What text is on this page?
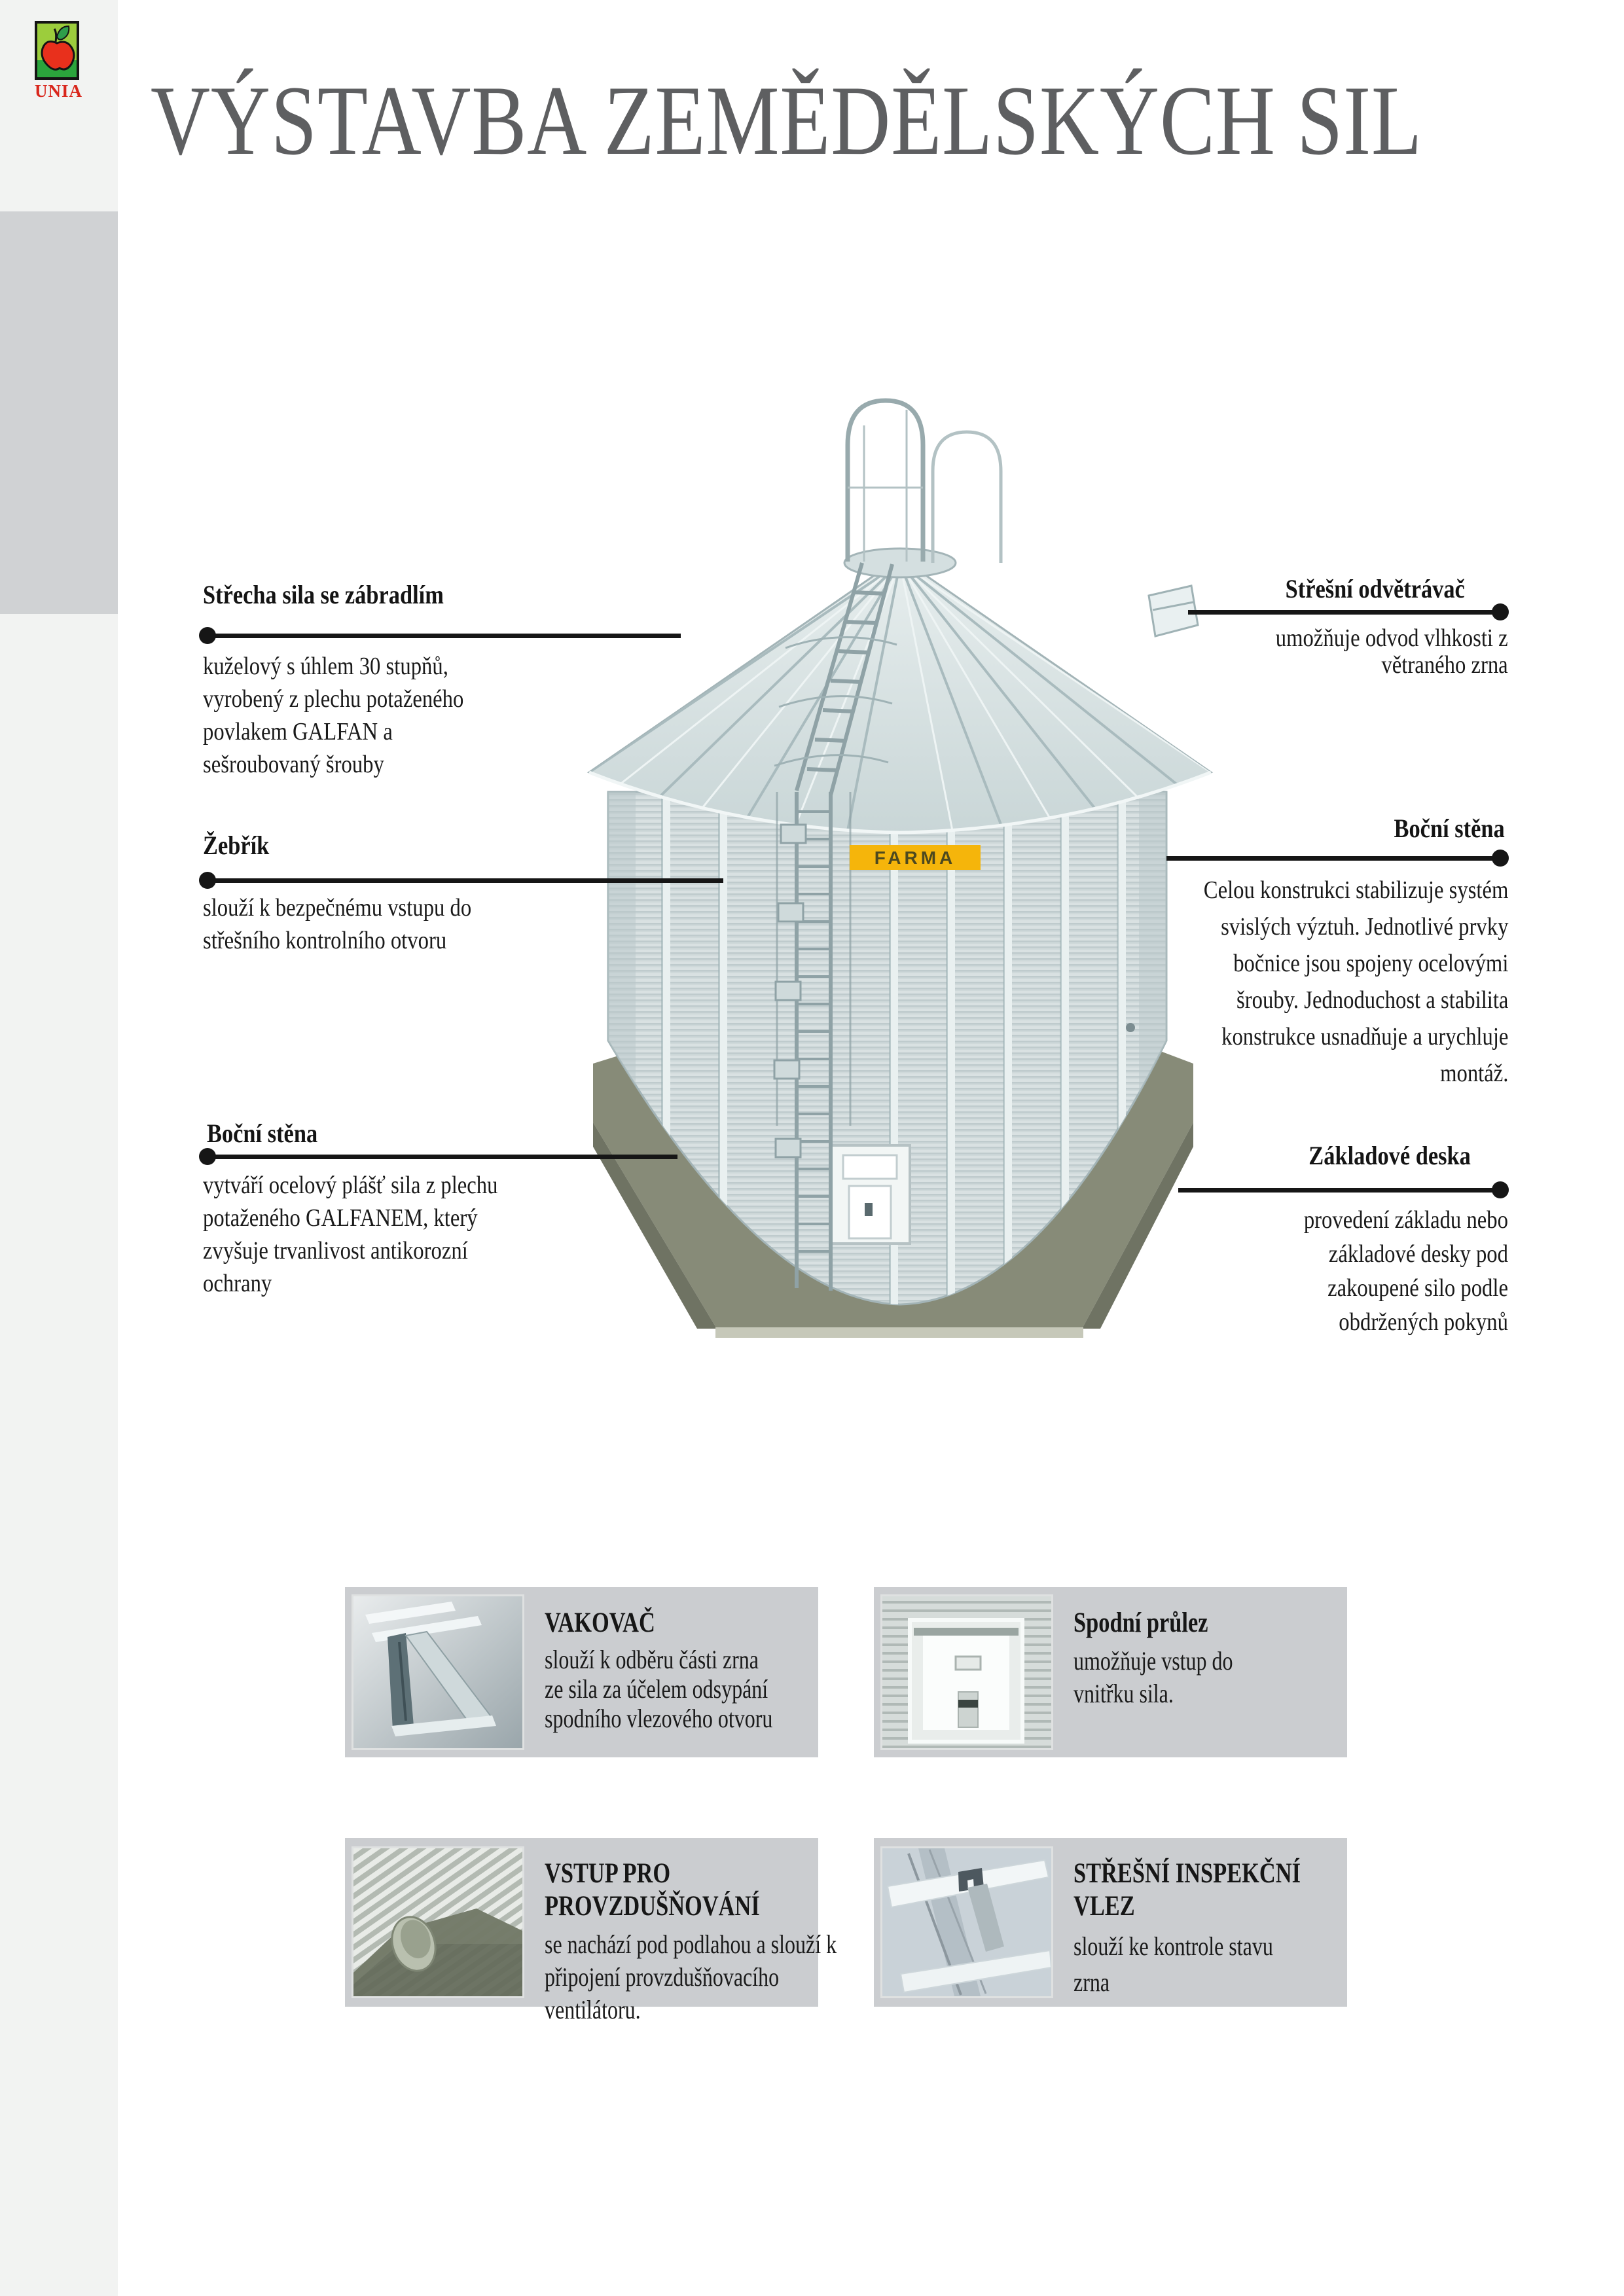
UNIA VÝSTAVBA ZEMĚDĚLSKÝCH SIL
FARMA
Střecha sila se zábradlím
kuželový s úhlem 30 stupňů,
vyrobený z plechu potaženého
povlakem GALFAN a
sešroubovaný šrouby
Žebřík
slouží k bezpečnému vstupu do
střešního kontrolního otvoru
Boční stěna
vytváří ocelový plášť sila z plechu
potaženého GALFANEM, který
zvyšuje trvanlivost antikorozní
ochrany
Střešní odvětrávač
umožňuje odvod vlhkosti z
větraného zrna
Boční stěna
Celou konstrukci stabilizuje systém
svislých výztuh. Jednotlivé prvky
bočnice jsou spojeny ocelovými
šrouby. Jednoduchost a stabilita
konstrukce usnadňuje a urychluje
montáž.
Základové deska
provedení základu nebo
základové desky pod
zakoupené silo podle
obdržených pokynů
VAKOVAČ
slouží k odběru části zrna
ze sila za účelem odsypání
spodního vlezového otvoru
Spodní průlez
umožňuje vstup do
vnitřku sila.
VSTUP PRO
PROVZDUŠŇOVÁNÍ
se nachází pod podlahou a slouží k
připojení provzdušňovacího
ventilátoru.
STŘEŠNÍ INSPEKČNÍ
VLEZ
slouží ke kontrole stavu
zrna
